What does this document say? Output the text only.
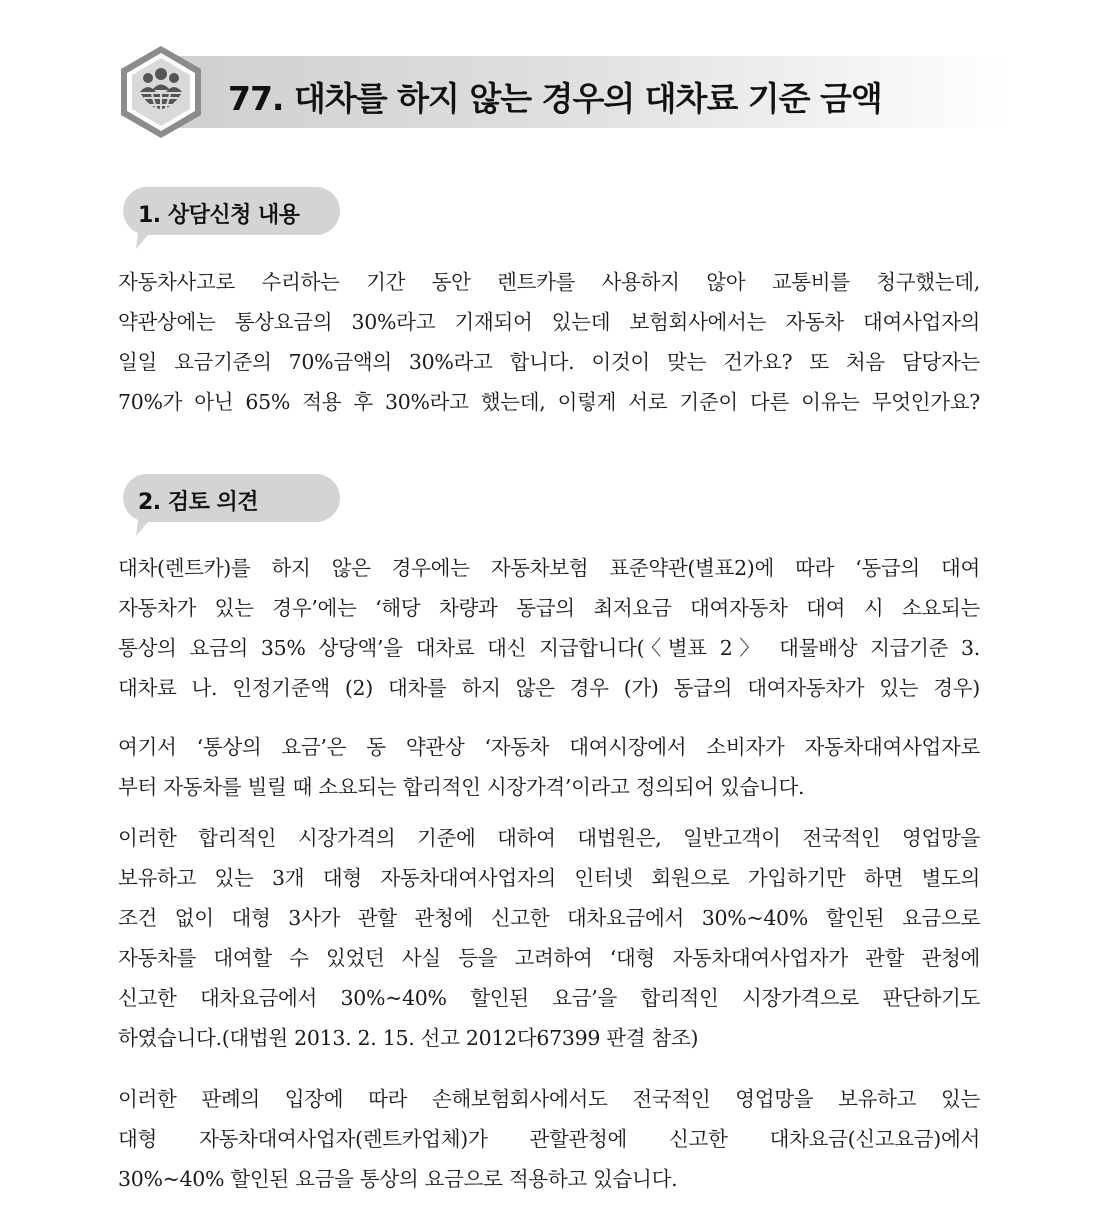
77. 대차를 하지 않는 경우의 대차료 기준 금액
1. 상담신청 내용
자동차사고로 수리하는 기간 동안 렌트카를 사용하지 않아 교통비를 청구했는데,
약관상에는 통상요금의 30%라고 기재되어 있는데 보험회사에서는 자동차 대여사업자의
일일 요금기준의 70%금액의 30%라고 합니다. 이것이 맞는 건가요? 또 처음 담당자는
70%가 아닌 65% 적용 후 30%라고 했는데, 이렇게 서로 기준이 다른 이유는 무엇인가요?
2. 검토 의견
대차(렌트카)를 하지 않은 경우에는 자동차보험 표준약관(별표2)에 따라 ‘동급의 대여
자동차가 있는 경우’에는 ‘해당 차량과 동급의 최저요금 대여자동차 대여 시 소요되는
통상의 요금의 35% 상당액’을 대차료 대신 지급합니다(〈별표 2〉 대물배상 지급기준 3.
대차료 나. 인정기준액 (2) 대차를 하지 않은 경우 (가) 동급의 대여자동차가 있는 경우)
여기서 ‘통상의 요금’은 동 약관상 ‘자동차 대여시장에서 소비자가 자동차대여사업자로
부터 자동차를 빌릴 때 소요되는 합리적인 시장가격’이라고 정의되어 있습니다.
이러한 합리적인 시장가격의 기준에 대하여 대법원은, 일반고객이 전국적인 영업망을
보유하고 있는 3개 대형 자동차대여사업자의 인터넷 회원으로 가입하기만 하면 별도의
조건 없이 대형 3사가 관할 관청에 신고한 대차요금에서 30%~40% 할인된 요금으로
자동차를 대여할 수 있었던 사실 등을 고려하여 ‘대형 자동차대여사업자가 관할 관청에
신고한 대차요금에서 30%~40% 할인된 요금’을 합리적인 시장가격으로 판단하기도
하였습니다.(대법원 2013. 2. 15. 선고 2012다67399 판결 참조)
이러한 판례의 입장에 따라 손해보험회사에서도 전국적인 영업망을 보유하고 있는
대형 자동차대여사업자(렌트카업체)가 관할관청에 신고한 대차요금(신고요금)에서
30%~40% 할인된 요금을 통상의 요금으로 적용하고 있습니다.
